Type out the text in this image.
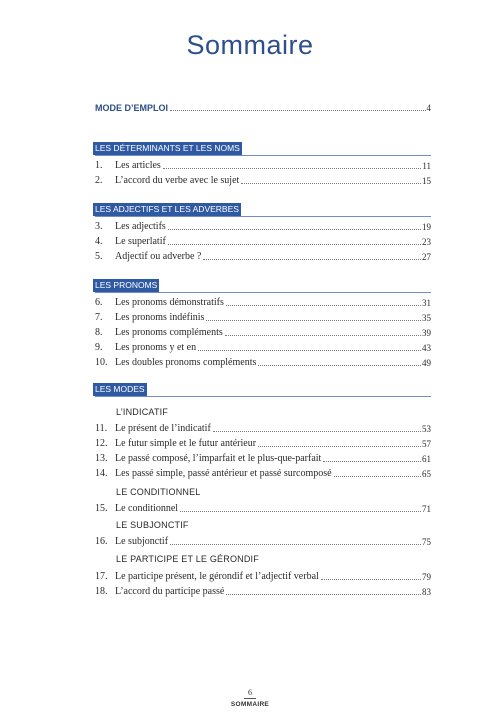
Sommaire
MODE D’EMPLOI	4
LES DÉTERMINANTS ET LES NOMS
1.	Les articles	11
2.	L’accord du verbe avec le sujet	15
LES ADJECTIFS ET LES ADVERBES
3.	Les adjectifs	19
4.	Le superlatif	23
5.	Adjectif ou adverbe ?	27
LES PRONOMS
6.	Les pronoms démonstratifs	31
7.	Les pronoms indéfinis	35
8.	Les pronoms compléments	39
9.	Les pronoms y et en	43
10. Les doubles pronoms compléments	49
LES MODES
L’INDICATIF
11. Le présent de l’indicatif	53
12. Le futur simple et le futur antérieur	57
13. Le passé composé, l’imparfait et le plus-que-parfait	61
14. Les passé simple, passé antérieur et passé surcomposé	65
LE CONDITIONNEL
15. Le conditionnel	71
LE SUBJONCTIF
16. Le subjonctif	75
LE PARTICIPE ET LE GÉRONDIF
17. Le participe présent, le gérondif et l’adjectif verbal	79
18. L’accord du participe passé	83
6
SOMMAIRE
